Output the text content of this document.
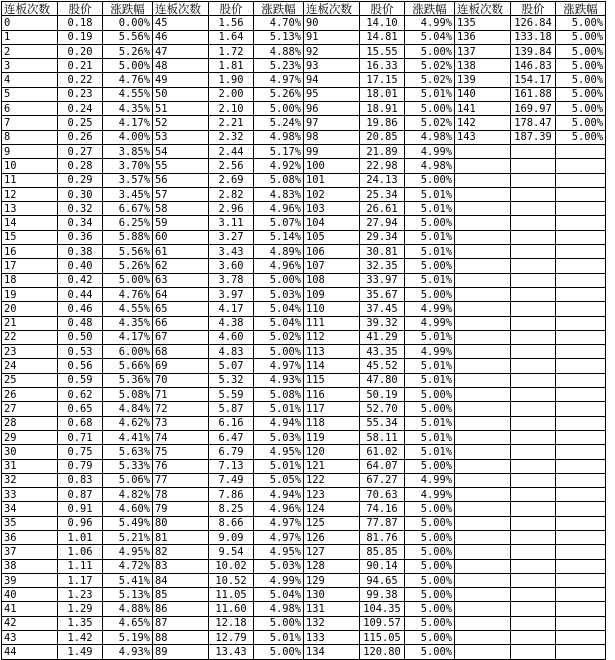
连板次数	股价	涨跌幅	连板次数	股价	涨跌幅	连板次数	股价	涨跌幅	连板次数	股价	涨跌幅
0	0.18	0.00%	45	1.56	4.70%	90	14.10	4.99%	135	126.84	5.00%
1	0.19	5.56%	46	1.64	5.13%	91	14.81	5.04%	136	133.18	5.00%
2	0.20	5.26%	47	1.72	4.88%	92	15.55	5.00%	137	139.84	5.00%
3	0.21	5.00%	48	1.81	5.23%	93	16.33	5.02%	138	146.83	5.00%
4	0.22	4.76%	49	1.90	4.97%	94	17.15	5.02%	139	154.17	5.00%
5	0.23	4.55%	50	2.00	5.26%	95	18.01	5.01%	140	161.88	5.00%
6	0.24	4.35%	51	2.10	5.00%	96	18.91	5.00%	141	169.97	5.00%
7	0.25	4.17%	52	2.21	5.24%	97	19.86	5.02%	142	178.47	5.00%
8	0.26	4.00%	53	2.32	4.98%	98	20.85	4.98%	143	187.39	5.00%
9	0.27	3.85%	54	2.44	5.17%	99	21.89	4.99%			
10	0.28	3.70%	55	2.56	4.92%	100	22.98	4.98%			
11	0.29	3.57%	56	2.69	5.08%	101	24.13	5.00%			
12	0.30	3.45%	57	2.82	4.83%	102	25.34	5.01%			
13	0.32	6.67%	58	2.96	4.96%	103	26.61	5.01%			
14	0.34	6.25%	59	3.11	5.07%	104	27.94	5.00%			
15	0.36	5.88%	60	3.27	5.14%	105	29.34	5.01%			
16	0.38	5.56%	61	3.43	4.89%	106	30.81	5.01%			
17	0.40	5.26%	62	3.60	4.96%	107	32.35	5.00%			
18	0.42	5.00%	63	3.78	5.00%	108	33.97	5.01%			
19	0.44	4.76%	64	3.97	5.03%	109	35.67	5.00%			
20	0.46	4.55%	65	4.17	5.04%	110	37.45	4.99%			
21	0.48	4.35%	66	4.38	5.04%	111	39.32	4.99%			
22	0.50	4.17%	67	4.60	5.02%	112	41.29	5.01%			
23	0.53	6.00%	68	4.83	5.00%	113	43.35	4.99%			
24	0.56	5.66%	69	5.07	4.97%	114	45.52	5.01%			
25	0.59	5.36%	70	5.32	4.93%	115	47.80	5.01%			
26	0.62	5.08%	71	5.59	5.08%	116	50.19	5.00%			
27	0.65	4.84%	72	5.87	5.01%	117	52.70	5.00%			
28	0.68	4.62%	73	6.16	4.94%	118	55.34	5.01%			
29	0.71	4.41%	74	6.47	5.03%	119	58.11	5.01%			
30	0.75	5.63%	75	6.79	4.95%	120	61.02	5.01%			
31	0.79	5.33%	76	7.13	5.01%	121	64.07	5.00%			
32	0.83	5.06%	77	7.49	5.05%	122	67.27	4.99%			
33	0.87	4.82%	78	7.86	4.94%	123	70.63	4.99%			
34	0.91	4.60%	79	8.25	4.96%	124	74.16	5.00%			
35	0.96	5.49%	80	8.66	4.97%	125	77.87	5.00%			
36	1.01	5.21%	81	9.09	4.97%	126	81.76	5.00%			
37	1.06	4.95%	82	9.54	4.95%	127	85.85	5.00%			
38	1.11	4.72%	83	10.02	5.03%	128	90.14	5.00%			
39	1.17	5.41%	84	10.52	4.99%	129	94.65	5.00%			
40	1.23	5.13%	85	11.05	5.04%	130	99.38	5.00%			
41	1.29	4.88%	86	11.60	4.98%	131	104.35	5.00%			
42	1.35	4.65%	87	12.18	5.00%	132	109.57	5.00%			
43	1.42	5.19%	88	12.79	5.01%	133	115.05	5.00%			
44	1.49	4.93%	89	13.43	5.00%	134	120.80	5.00%			
